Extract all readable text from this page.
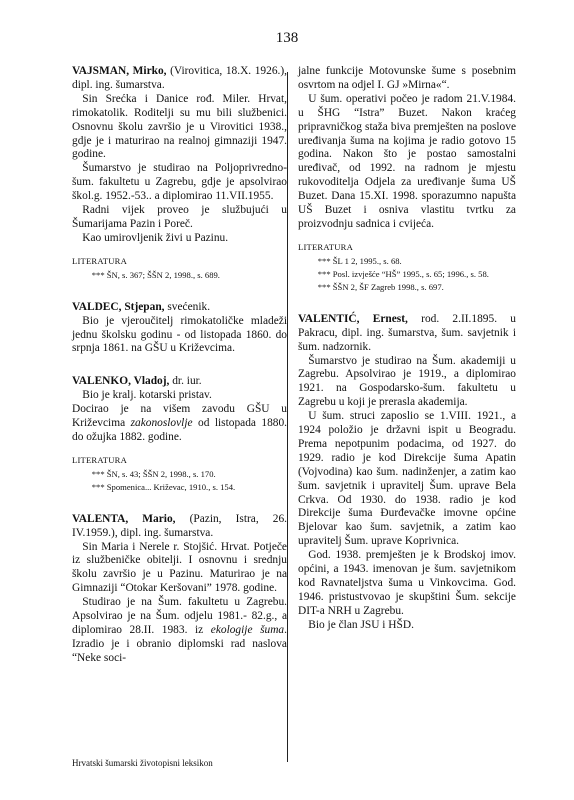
138

VAJSMAN, Mirko, (Virovitica, 18.X. 1926.), dipl. ing. šumarstva.

Sin Srećka i Danice rođ. Miler. Hrvat, rimokatolik. Roditelji su mu bili službenici. Osnovnu školu završio je u Virovitici 1938., gdje je i maturirao na realnoj gimnaziji 1947. godine.

Šumarstvo je studirao na Poljoprivredno-šum. fakultetu u Zagrebu, gdje je apsolvirao škol.g. 1952.-53.. a diplomirao 11.VII.1955.

Radni vijek proveo je službujući u Šumarijama Pazin i Poreč.

Kao umirovljenik živi u Pazinu.

LITERATURA

*** ŠN, s. 367; ŠŠN 2, 1998., s. 689.

VALDEC, Stjepan, svećenik.

Bio je vjeroučitelj rimokatoličke mladeži jednu školsku godinu - od listopada 1860. do srpnja 1861. na GŠU u Križevcima.

VALENKO, Vladoj, dr. iur.

Bio je kralj. kotarski pristav.

Docirao je na višem zavodu GŠU u Križevcima zakonoslovlje od listopada 1880. do ožujka 1882. godine.

LITERATURA

*** ŠN, s. 43; ŠŠN 2, 1998., s. 170.

*** Spomenica... Križevac, 1910., s. 154.

VALENTA, Mario, (Pazin, Istra, 26. IV.1959.), dipl. ing. šumarstva.

Sin Maria i Nerele r. Stojšić. Hrvat. Potječe iz službeničke obitelji. I osnovnu i srednju školu završio je u Pazinu. Maturirao je na Gimnaziji “Otokar Keršovani” 1978. godine.

Studirao je na Šum. fakultetu u Zagrebu. Apsolvirao je na Šum. odjelu 1981.- 82.g., a diplomirao 28.II. 1983. iz ekologije šuma. Izradio je i obranio diplomski rad naslova “Neke soci-

jalne funkcije Motovunske šume s posebnim osvrtom na odjel I. GJ »Mirna«“.

U šum. operativi počeo je radom 21.V.1984. u ŠHG “Istra” Buzet. Nakon kraćeg pripravničkog staža biva premješten na poslove uređivanja šuma na kojima je radio gotovo 15 godina. Nakon što je postao samostalni uređivač, od 1992. na radnom je mjestu rukovoditelja Odjela za uređivanje šuma UŠ Buzet. Dana 15.XI. 1998. sporazumno napušta UŠ Buzet i osniva vlastitu tvrtku za proizvodnju sadnica i cvijeća.

LITERATURA

*** ŠL 1 2, 1995., s. 68.

*** Posl. izvješće “HŠ” 1995., s. 65; 1996., s. 58.

*** ŠŠN 2, ŠF Zagreb 1998., s. 697.

VALENTIĆ, Ernest, rod. 2.II.1895. u Pakracu, dipl. ing. šumarstva, šum. savjetnik i šum. nadzornik.

Šumarstvo je studirao na Šum. akademiji u Zagrebu. Apsolvirao je 1919., a diplomirao 1921. na Gospodarsko-šum. fakultetu u Zagrebu u koji je prerasla akademija.

U šum. struci zaposlio se 1.VIII. 1921., a 1924 položio je državni ispit u Beogradu. Prema nepotpunim podacima, od 1927. do 1929. radio je kod Direkcije šuma Apatin (Vojvodina) kao šum. nadinženjer, a zatim kao šum. savjetnik i upravitelj Šum. uprave Bela Crkva. Od 1930. do 1938. radio je kod Direkcije šuma Đurđevačke imovne općine Bjelovar kao šum. savjetnik, a zatim kao upravitelj Šum. uprave Koprivnica.

God. 1938. premješten je k Brodskoj imov. općini, a 1943. imenovan je šum. savjetnikom kod Ravnateljstva šuma u Vinkovcima. God. 1946. pristustvovao je skupštini Šum. sekcije DIT-a NRH u Zagrebu.

Bio je član JSU i HŠD.

Hrvatski šumarski životopisni leksikon
